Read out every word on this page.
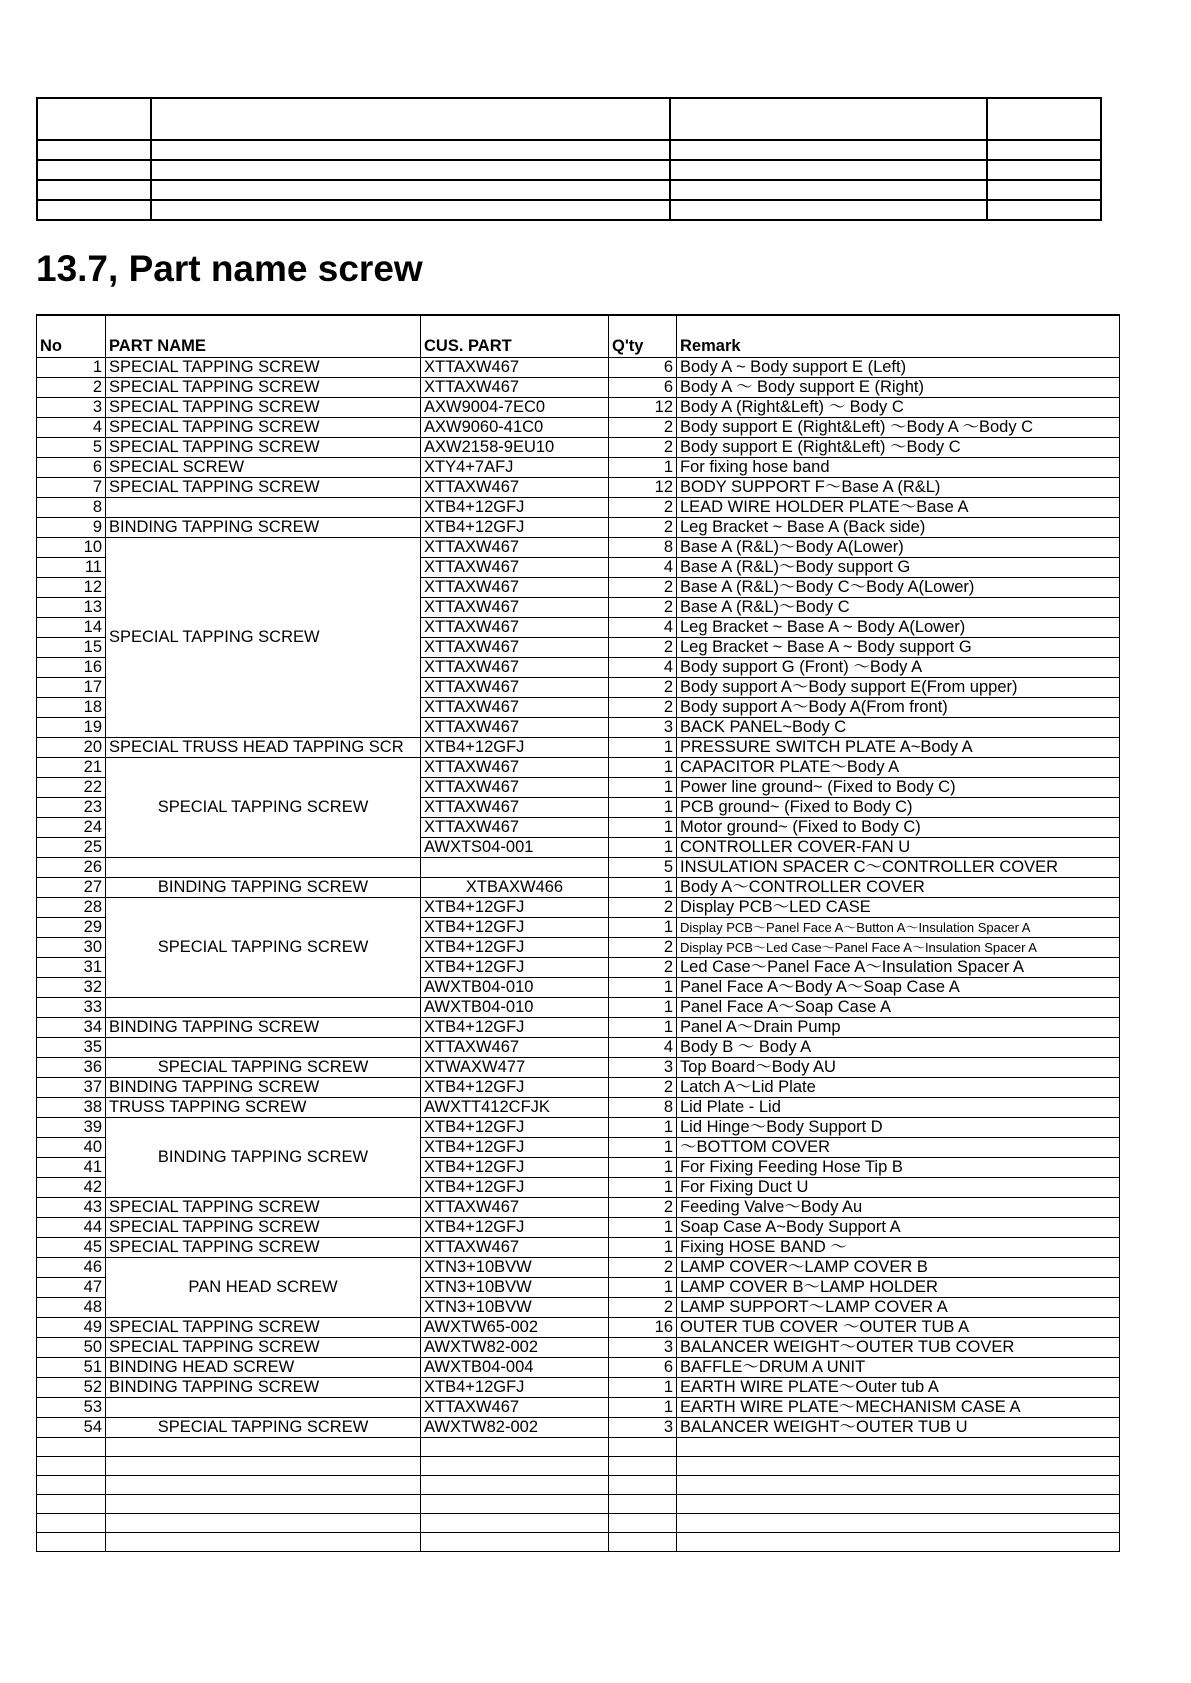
13.7, Part name screw
No	PART NAME	CUS. PART	Q'ty	Remark
1	SPECIAL TAPPING SCREW	XTTAXW467	6	Body A ~ Body support E (Left)
2	SPECIAL TAPPING SCREW	XTTAXW467	6	Body A 〜 Body support E (Right)
3	SPECIAL TAPPING SCREW	AXW9004-7EC0	12	Body A (Right&Left) 〜 Body C
4	SPECIAL TAPPING SCREW	AXW9060-41C0	2	Body support E (Right&Left) 〜Body A 〜Body C
5	SPECIAL TAPPING SCREW	AXW2158-9EU10	2	Body support E (Right&Left) 〜Body C
6	SPECIAL SCREW	XTY4+7AFJ	1	For fixing hose band
7	SPECIAL TAPPING SCREW	XTTAXW467	12	BODY SUPPORT F〜Base A (R&L)
8		XTB4+12GFJ	2	LEAD WIRE HOLDER PLATE〜Base A
9	BINDING TAPPING SCREW	XTB4+12GFJ	2	Leg Bracket ~ Base A (Back side)
10	SPECIAL TAPPING SCREW	XTTAXW467	8	Base A (R&L)〜Body A(Lower)
11		XTTAXW467	4	Base A (R&L)〜Body support G
12		XTTAXW467	2	Base A (R&L)〜Body C〜Body A(Lower)
13		XTTAXW467	2	Base A (R&L)〜Body C
14		XTTAXW467	4	Leg Bracket ~ Base A ~ Body A(Lower)
15		XTTAXW467	2	Leg Bracket ~ Base A ~ Body support G
16		XTTAXW467	4	Body support G (Front) 〜Body A
17		XTTAXW467	2	Body support A〜Body support E(From upper)
18		XTTAXW467	2	Body support A〜Body A(From front)
19		XTTAXW467	3	BACK PANEL~Body C
20	SPECIAL TRUSS HEAD TAPPING SCR	XTB4+12GFJ	1	PRESSURE SWITCH PLATE A~Body A
21	SPECIAL TAPPING SCREW	XTTAXW467	1	CAPACITOR PLATE〜Body A
22		XTTAXW467	1	Power line ground~ (Fixed to Body C)
23		XTTAXW467	1	PCB ground~ (Fixed to Body C)
24		XTTAXW467	1	Motor ground~ (Fixed to Body C)
25		AWXTS04-001	1	CONTROLLER COVER-FAN U
26			5	INSULATION SPACER C〜CONTROLLER COVER
27	BINDING TAPPING SCREW	XTBAXW466	1	Body A〜CONTROLLER COVER
28	SPECIAL TAPPING SCREW	XTB4+12GFJ	2	Display PCB〜LED CASE
29		XTB4+12GFJ	1	Display PCB〜Panel Face A〜Button A〜Insulation Spacer A
30		XTB4+12GFJ	2	Display PCB〜Led Case〜Panel Face A〜Insulation Spacer A
31		XTB4+12GFJ	2	Led Case〜Panel Face A〜Insulation Spacer A
32		AWXTB04-010	1	Panel Face A〜Body A〜Soap Case A
33		AWXTB04-010	1	Panel Face A〜Soap Case A
34	BINDING TAPPING SCREW	XTB4+12GFJ	1	Panel A〜Drain Pump
35		XTTAXW467	4	Body B 〜 Body A
36	SPECIAL TAPPING SCREW	XTWAXW477	3	Top Board〜Body AU
37	BINDING TAPPING SCREW	XTB4+12GFJ	2	Latch A〜Lid Plate
38	TRUSS TAPPING SCREW	AWXTT412CFJK	8	Lid Plate - Lid
39	BINDING TAPPING SCREW	XTB4+12GFJ	1	Lid Hinge〜Body Support D
40		XTB4+12GFJ	1	〜BOTTOM COVER
41		XTB4+12GFJ	1	For Fixing Feeding Hose Tip B
42		XTB4+12GFJ	1	For Fixing Duct U
43	SPECIAL TAPPING SCREW	XTTAXW467	2	Feeding Valve〜Body Au
44	SPECIAL TAPPING SCREW	XTB4+12GFJ	1	Soap Case A~Body Support A
45	SPECIAL TAPPING SCREW	XTTAXW467	1	Fixing HOSE BAND 〜
46	PAN HEAD SCREW	XTN3+10BVW	2	LAMP COVER〜LAMP COVER B
47		XTN3+10BVW	1	LAMP COVER B〜LAMP HOLDER
48		XTN3+10BVW	2	LAMP SUPPORT〜LAMP COVER A
49	SPECIAL TAPPING SCREW	AWXTW65-002	16	OUTER TUB COVER 〜OUTER TUB A
50	SPECIAL TAPPING SCREW	AWXTW82-002	3	BALANCER WEIGHT〜OUTER TUB COVER
51	BINDING HEAD SCREW	AWXTB04-004	6	BAFFLE〜DRUM A UNIT
52	BINDING TAPPING SCREW	XTB4+12GFJ	1	EARTH WIRE PLATE〜Outer tub A
53		XTTAXW467	1	EARTH WIRE PLATE〜MECHANISM CASE A
54	SPECIAL TAPPING SCREW	AWXTW82-002	3	BALANCER WEIGHT〜OUTER TUB U
